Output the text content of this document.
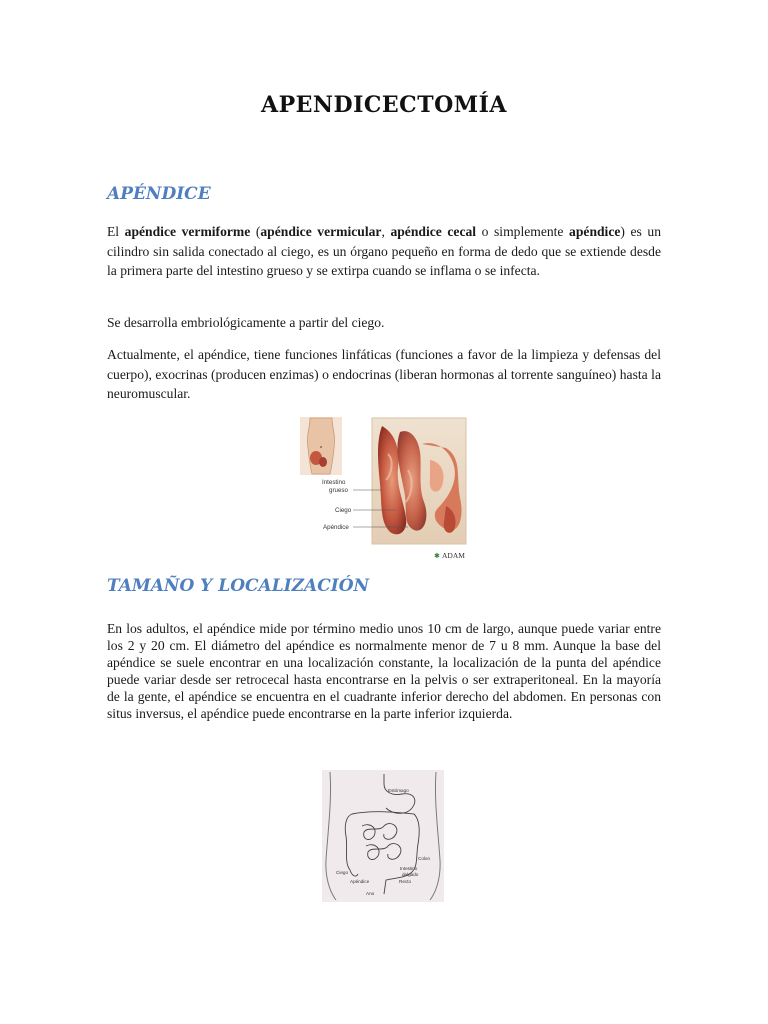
APENDICECTOMÍA
APÉNDICE
El apéndice vermiforme (apéndice vermicular, apéndice cecal o simplemente apéndice) es un cilindro sin salida conectado al ciego, es un órgano pequeño en forma de dedo que se extiende desde la primera parte del intestino grueso y se extirpa cuando se inflama o se infecta.
Se desarrolla embriológicamente a partir del ciego.
Actualmente, el apéndice, tiene funciones linfáticas (funciones a favor de la limpieza y defensas del cuerpo), exocrinas (producen enzimas) o endocrinas (liberan hormonas al torrente sanguíneo) hasta la neuromuscular.
Intestino
grueso
Ciego
Apéndice
✱ ADAM
TAMAÑO Y LOCALIZACIÓN
En los adultos, el apéndice mide por término medio unos 10 cm de largo, aunque puede variar entre los 2 y 20 cm. El diámetro del apéndice es normalmente menor de 7 u 8 mm. Aunque la base del apéndice se suele encontrar en una localización constante, la localización de la punta del apéndice puede variar desde ser retrocecal hasta encontrarse en la pelvis o ser extraperitoneal. En la mayoría de la gente, el apéndice se encuentra en el cuadrante inferior derecho del abdomen. En personas con situs inversus, el apéndice puede encontrarse en la parte inferior izquierda.
Estómago
Colon
Intestino
delgado
Ciego
Apéndice	Recto
Ano
